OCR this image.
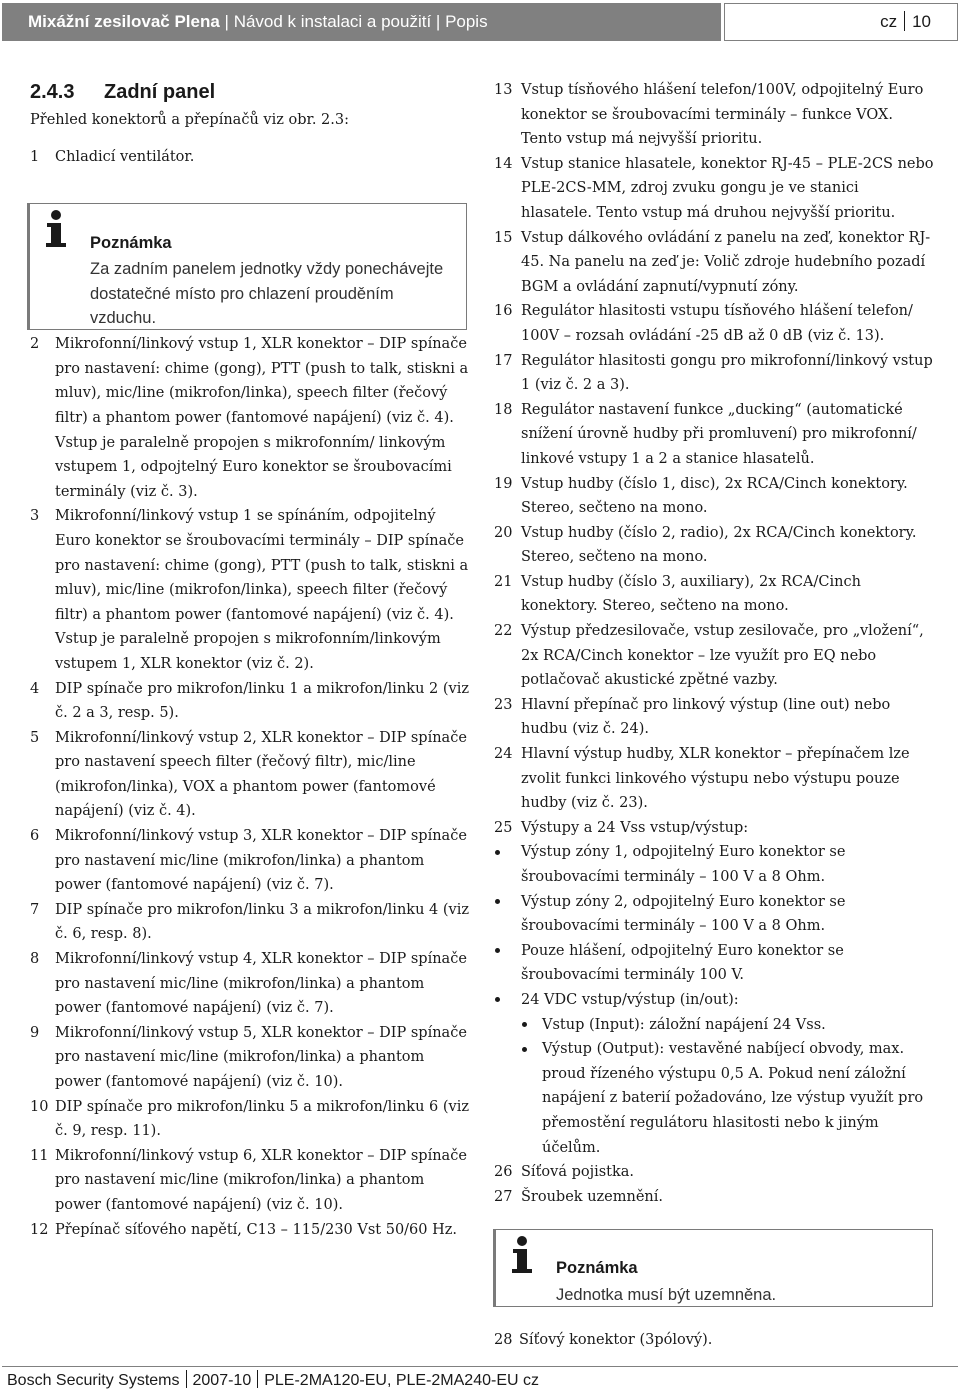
Mixážní zesilovač Plena | Návod k instalaci a použití | Popis	cz 10
2.4.3 Zadní panel

Přehled konektorů a přepínačů viz obr. 2.3:

1	Chladicí ventilátor.
2	Mikrofonní/linkový vstup 1, XLR konektor – DIP spínače pro nastavení: chime (gong), PTT (push to talk, stiskni a mluv), mic/line (mikrofon/linka), speech filter (řečový filtr) a phantom power (fantomové napájení) (viz č. 4). Vstup je paralelně propojen s mikrofonním/ linkovým vstupem 1, odpojtelný Euro konektor se šroubovacími terminály (viz č. 3).
3	Mikrofonní/linkový vstup 1 se spínáním, odpojitelný Euro konektor se šroubovacími terminály – DIP spínače pro nastavení: chime (gong), PTT (push to talk, stiskni a mluv), mic/line (mikrofon/linka), speech filter (řečový filtr) a phantom power (fantomové napájení) (viz č. 4). Vstup je paralelně propojen s mikrofonním/linkovým vstupem 1, XLR konektor (viz č. 2).
4	DIP spínače pro mikrofon/linku 1 a mikrofon/linku 2 (viz č. 2 a 3, resp. 5).
5	Mikrofonní/linkový vstup 2, XLR konektor – DIP spínače pro nastavení speech filter (řečový filtr), mic/line (mikrofon/linka), VOX a phantom power (fantomové napájení) (viz č. 4).
6	Mikrofonní/linkový vstup 3, XLR konektor – DIP spínače pro nastavení mic/line (mikrofon/linka) a phantom power (fantomové napájení) (viz č. 7).
7	DIP spínače pro mikrofon/linku 3 a mikrofon/linku 4 (viz č. 6, resp. 8).
8	Mikrofonní/linkový vstup 4, XLR konektor – DIP spínače pro nastavení mic/line (mikrofon/linka) a phantom power (fantomové napájení) (viz č. 7).
9	Mikrofonní/linkový vstup 5, XLR konektor – DIP spínače pro nastavení mic/line (mikrofon/linka) a phantom power (fantomové napájení) (viz č. 10).
10 DIP spínače pro mikrofon/linku 5 a mikrofon/linku 6 (viz č. 9, resp. 11).
11 Mikrofonní/linkový vstup 6, XLR konektor – DIP spínače pro nastavení mic/line (mikrofon/linka) a phantom power (fantomové napájení) (viz č. 10).
12 Přepínač síťového napětí, C13 – 115/230 Vst 50/60 Hz.
Poznámka
Za zadním panelem jednotky vždy ponechávejte dostatečné místo pro chlazení prouděním vzduchu.
13 Vstup tísňového hlášení telefon/100V, odpojitelný Euro konektor se šroubovacími terminály – funkce VOX. Tento vstup má nejvyšší prioritu.
14 Vstup stanice hlasatele, konektor RJ-45 – PLE-2CS nebo PLE-2CS-MM, zdroj zvuku gongu je ve stanici hlasatele. Tento vstup má druhou nejvyšší prioritu.
15 Vstup dálkového ovládání z panelu na zeď, konektor RJ-45. Na panelu na zeď je: Volič zdroje hudebního pozadí BGM a ovládání zapnutí/vypnutí zóny.
16 Regulátor hlasitosti vstupu tísňového hlášení telefon/ 100V – rozsah ovládání -25 dB až 0 dB (viz č. 13).
17 Regulátor hlasitosti gongu pro mikrofonní/linkový vstup 1 (viz č. 2 a 3).
18 Regulátor nastavení funkce „ducking“ (automatické snížení úrovně hudby při promluvení) pro mikrofonní/ linkové vstupy 1 a 2 a stanice hlasatelů.
19 Vstup hudby (číslo 1, disc), 2x RCA/Cinch konektory. Stereo, sečteno na mono.
20 Vstup hudby (číslo 2, radio), 2x RCA/Cinch konektory. Stereo, sečteno na mono.
21 Vstup hudby (číslo 3, auxiliary), 2x RCA/Cinch konektory. Stereo, sečteno na mono.
22 Výstup předzesilovače, vstup zesilovače, pro „vložení“, 2x RCA/Cinch konektor – lze využít pro EQ nebo potlačovač akustické zpětné vazby.
23 Hlavní přepínač pro linkový výstup (line out) nebo hudbu (viz č. 24).
24 Hlavní výstup hudby, XLR konektor – přepínačem lze zvolit funkci linkového výstupu nebo výstupu pouze hudby (viz č. 23).
25 Výstupy a 24 Vss vstup/výstup:
Výstup zóny 1, odpojitelný Euro konektor se šroubovacími terminály – 100 V a 8 Ohm.
Výstup zóny 2, odpojitelný Euro konektor se šroubovacími terminály – 100 V a 8 Ohm.
Pouze hlášení, odpojitelný Euro konektor se šroubovacími terminály 100 V.
24 VDC vstup/výstup (in/out):
Vstup (Input): záložní napájení 24 Vss.
Výstup (Output): vestavěné nabíjecí obvody, max. proud řízeného výstupu 0,5 A. Pokud není záložní napájení z baterií požadováno, lze výstup využít pro přemostění regulátoru hlasitosti nebo k jiným účelům.
26 Síťová pojistka.
27 Šroubek uzemnění.
Poznámka
Jednotka musí být uzemněna.
28 Síťový konektor (3pólový).
Bosch Security Systems 2007-10 PLE-2MA120-EU, PLE-2MA240-EU cz
